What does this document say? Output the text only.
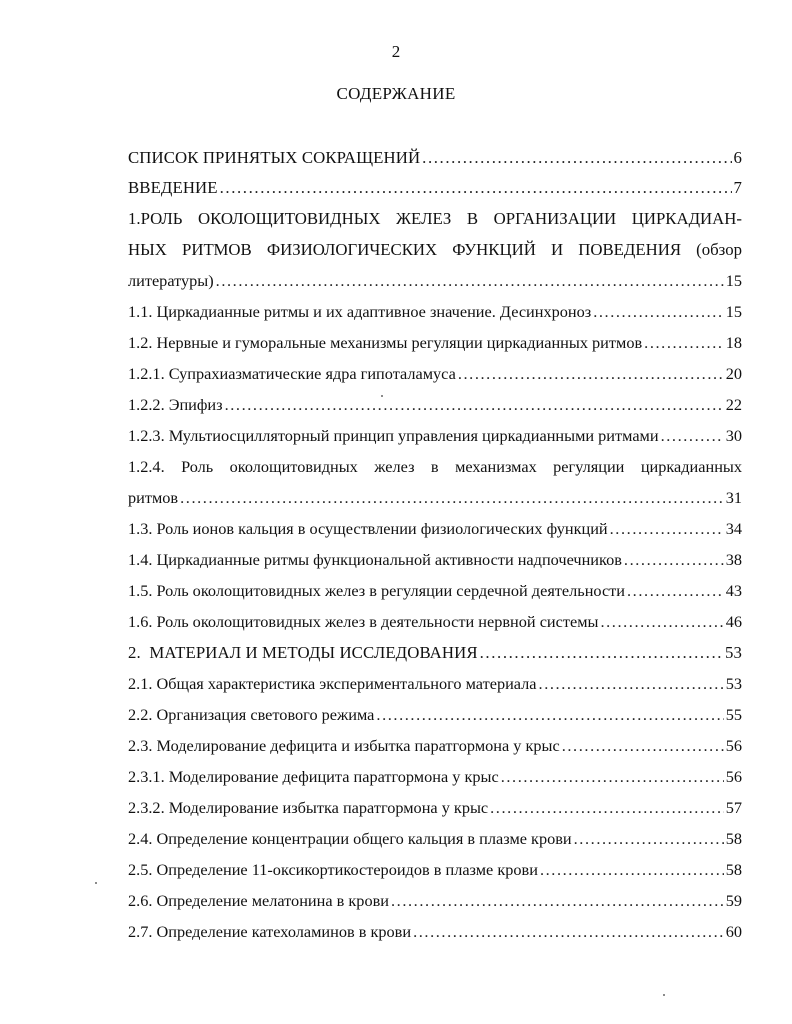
2
СОДЕРЖАНИЕ
СПИСОК ПРИНЯТЫХ СОКРАЩЕНИЙ .....	6
ВВЕДЕНИЕ .....	7
1.РОЛЬ ОКОЛОЩИТОВИДНЫХ ЖЕЛЕЗ В ОРГАНИЗАЦИИ ЦИРКАДИАН-
НЫХ РИТМОВ ФИЗИОЛОГИЧЕСКИХ ФУНКЦИЙ И ПОВЕДЕНИЯ (обзор
литературы) .....	15
1.1. Циркадианные ритмы и их адаптивное значение. Десинхроноз .....	15
1.2. Нервные и гуморальные механизмы регуляции циркадианных ритмов .....	18
1.2.1. Супрахиазматические ядра гипоталамуса .....	20
1.2.2. Эпифиз .....	22
1.2.3. Мультиосцилляторный принцип управления циркадианными ритмами .....	30
1.2.4. Роль околощитовидных желез в механизмах регуляции циркадианных
ритмов .....	31
1.3. Роль ионов кальция в осуществлении физиологических функций .....	34
1.4. Циркадианные ритмы функциональной активности надпочечников .....	38
1.5. Роль околощитовидных желез в регуляции сердечной деятельности .....	43
1.6. Роль околощитовидных желез в деятельности нервной системы .....	46
2.  МАТЕРИАЛ И МЕТОДЫ ИССЛЕДОВАНИЯ .....	53
2.1. Общая характеристика экспериментального материала .....	53
2.2. Организация светового режима .....	55
2.3. Моделирование дефицита и избытка паратгормона у крыс .....	56
2.3.1. Моделирование дефицита паратгормона у крыс .....	56
2.3.2. Моделирование избытка паратгормона у крыс .....	57
2.4. Определение концентрации общего кальция в плазме крови .....	58
2.5. Определение 11-оксикортикостероидов в плазме крови .....	58
2.6. Определение мелатонина в крови .....	59
2.7. Определение катехоламинов в крови .....	60
